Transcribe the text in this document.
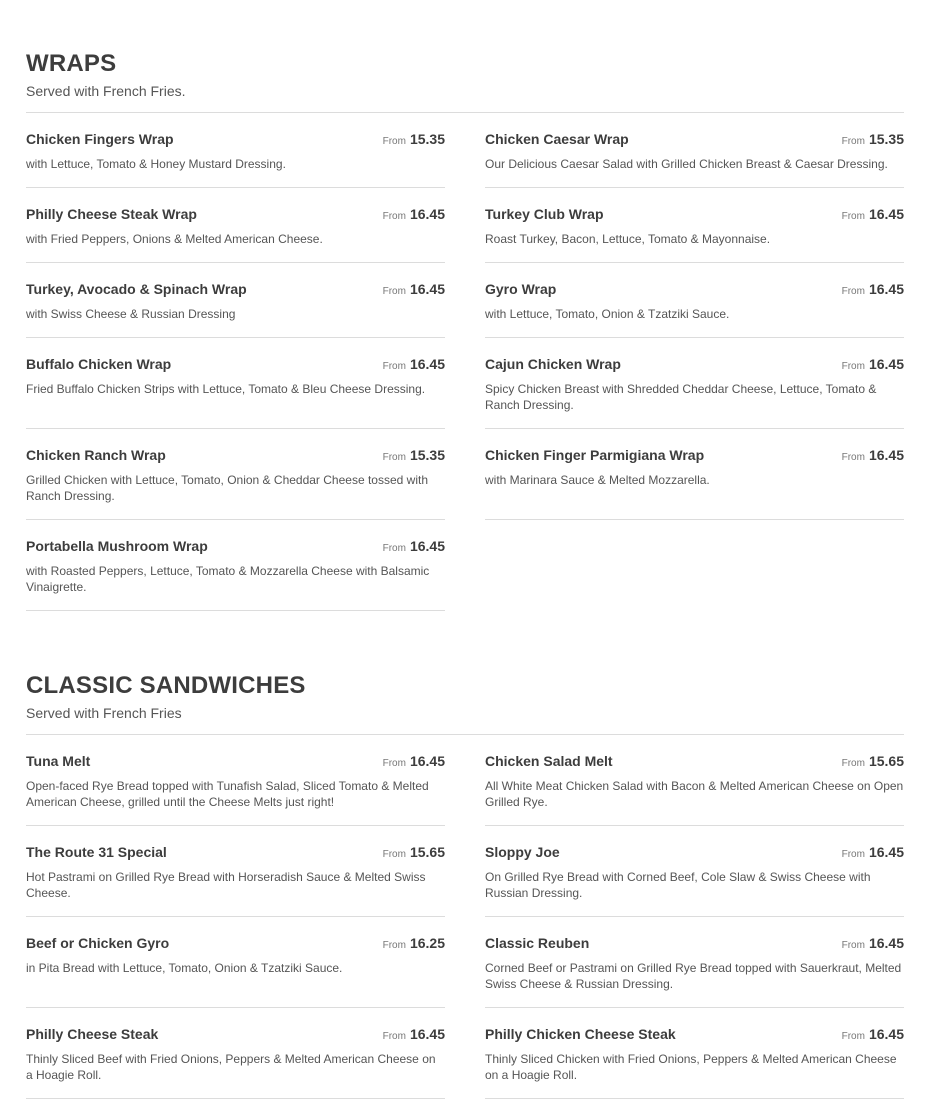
WRAPS

Served with French Fries.

Chicken Fingers Wrap	From 15.35
with Lettuce, Tomato & Honey Mustard Dressing.
Chicken Caesar Wrap	From 15.35
Our Delicious Caesar Salad with Grilled Chicken Breast & Caesar Dressing.
Philly Cheese Steak Wrap	From 16.45
with Fried Peppers, Onions & Melted American Cheese.
Turkey Club Wrap	From 16.45
Roast Turkey, Bacon, Lettuce, Tomato & Mayonnaise.
Turkey, Avocado & Spinach Wrap	From 16.45
with Swiss Cheese & Russian Dressing
Gyro Wrap	From 16.45
with Lettuce, Tomato, Onion & Tzatziki Sauce.
Buffalo Chicken Wrap	From 16.45
Fried Buffalo Chicken Strips with Lettuce, Tomato & Bleu Cheese Dressing.
Cajun Chicken Wrap	From 16.45
Spicy Chicken Breast with Shredded Cheddar Cheese, Lettuce, Tomato & Ranch Dressing.
Chicken Ranch Wrap	From 15.35
Grilled Chicken with Lettuce, Tomato, Onion & Cheddar Cheese tossed with Ranch Dressing.
Chicken Finger Parmigiana Wrap	From 16.45
with Marinara Sauce & Melted Mozzarella.
Portabella Mushroom Wrap	From 16.45
with Roasted Peppers, Lettuce, Tomato & Mozzarella Cheese with Balsamic Vinaigrette.
CLASSIC SANDWICHES

Served with French Fries

Tuna Melt	From 16.45
Open-faced Rye Bread topped with Tunafish Salad, Sliced Tomato & Melted American Cheese, grilled until the Cheese Melts just right!
Chicken Salad Melt	From 15.65
All White Meat Chicken Salad with Bacon & Melted American Cheese on Open Grilled Rye.
The Route 31 Special	From 15.65
Hot Pastrami on Grilled Rye Bread with Horseradish Sauce & Melted Swiss Cheese.
Sloppy Joe	From 16.45
On Grilled Rye Bread with Corned Beef, Cole Slaw & Swiss Cheese with Russian Dressing.
Beef or Chicken Gyro	From 16.25
in Pita Bread with Lettuce, Tomato, Onion & Tzatziki Sauce.
Classic Reuben	From 16.45
Corned Beef or Pastrami on Grilled Rye Bread topped with Sauerkraut, Melted Swiss Cheese & Russian Dressing.
Philly Cheese Steak	From 16.45
Thinly Sliced Beef with Fried Onions, Peppers & Melted American Cheese on a Hoagie Roll.
Philly Chicken Cheese Steak	From 16.45
Thinly Sliced Chicken with Fried Onions, Peppers & Melted American Cheese on a Hoagie Roll.
